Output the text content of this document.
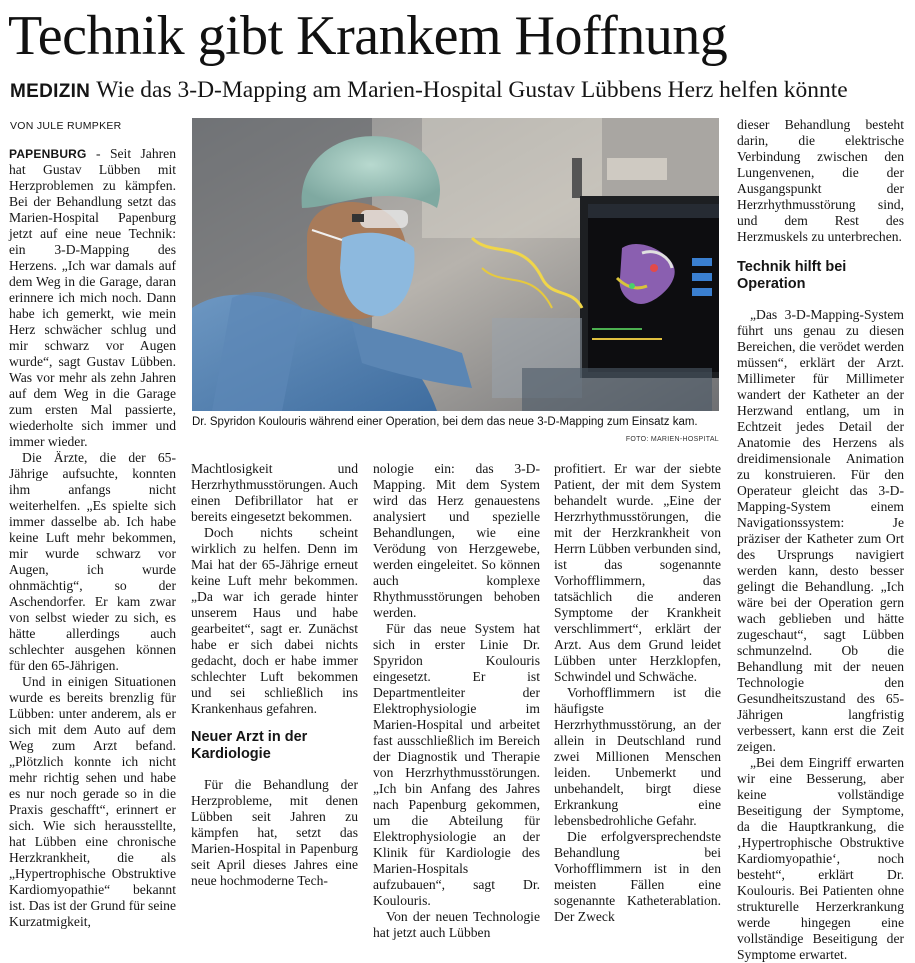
Technik gibt Krankem Hoffnung
MEDIZIN Wie das 3-D-Mapping am Marien-Hospital Gustav Lübbens Herz helfen könnte
VON JULE RUMPKER

PAPENBURG - Seit Jahren hat Gustav Lübben mit Herzproblemen zu kämpfen. Bei der Behandlung setzt das Marien-Hospital Papenburg jetzt auf eine neue Technik: ein 3-D-Mapping des Herzens. „Ich war damals auf dem Weg in die Garage, daran erinnere ich mich noch. Dann habe ich gemerkt, wie mein Herz schwächer schlug und mir schwarz vor Augen wurde“, sagt Gustav Lübben. Was vor mehr als zehn Jahren auf dem Weg in die Garage zum ersten Mal passierte, wiederholte sich immer und immer wieder.

Die Ärzte, die der 65-Jährige aufsuchte, konnten ihm anfangs nicht weiterhelfen. „Es spielte sich immer dasselbe ab. Ich habe keine Luft mehr bekommen, mir wurde schwarz vor Augen, ich wurde ohnmächtig“, so der Aschendorfer. Er kam zwar von selbst wieder zu sich, es hätte allerdings auch schlechter ausgehen können für den 65-Jährigen.

Und in einigen Situationen wurde es bereits brenzlig für Lübben: unter anderem, als er sich mit dem Auto auf dem Weg zum Arzt befand. „Plötzlich konnte ich nicht mehr richtig sehen und habe es nur noch gerade so in die Praxis geschafft“, erinnert er sich. Wie sich herausstellte, hat Lübben eine chronische Herzkrankheit, die als „Hypertrophische Obstruktive Kardiomyopathie“ bekannt ist. Das ist der Grund für seine Kurzatmigkeit,

Dr. Spyridon Koulouris während einer Operation, bei dem das neue 3-D-Mapping zum Einsatz kam.
FOTO: MARIEN-HOSPITAL

Machtlosigkeit und Herzrhythmusstörungen. Auch einen Defibrillator hat er bereits eingesetzt bekommen.

Doch nichts scheint wirklich zu helfen. Denn im Mai hat der 65-Jährige erneut keine Luft mehr bekommen. „Da war ich gerade hinter unserem Haus und habe gearbeitet“, sagt er. Zunächst habe er sich dabei nichts gedacht, doch er habe immer schlechter Luft bekommen und sei schließlich ins Krankenhaus gefahren.

Neuer Arzt in der Kardiologie

Für die Behandlung der Herzprobleme, mit denen Lübben seit Jahren zu kämpfen hat, setzt das Marien-Hospital in Papenburg seit April dieses Jahres eine neue hochmoderne Tech-

nologie ein: das 3-D-Mapping. Mit dem System wird das Herz genauestens analysiert und spezielle Behandlungen, wie eine Verödung von Herzgewebe, werden eingeleitet. So können auch komplexe Rhythmusstörungen behoben werden.

Für das neue System hat sich in erster Linie Dr. Spyridon Koulouris eingesetzt. Er ist Departmentleiter der Elektrophysiologie im Marien-Hospital und arbeitet fast ausschließlich im Bereich der Diagnostik und Therapie von Herzrhythmusstörungen. „Ich bin Anfang des Jahres nach Papenburg gekommen, um die Abteilung für Elektrophysiologie an der Klinik für Kardiologie des Marien-Hospitals aufzubauen“, sagt Dr. Koulouris.

Von der neuen Technologie hat jetzt auch Lübben

profitiert. Er war der siebte Patient, der mit dem System behandelt wurde. „Eine der Herzrhythmusstörungen, die mit der Herzkrankheit von Herrn Lübben verbunden sind, ist das sogenannte Vorhofflimmern, das tatsächlich die anderen Symptome der Krankheit verschlimmert“, erklärt der Arzt. Aus dem Grund leidet Lübben unter Herzklopfen, Schwindel und Schwäche.

Vorhofflimmern ist die häufigste Herzrhythmusstörung, an der allein in Deutschland rund zwei Millionen Menschen leiden. Unbemerkt und unbehandelt, birgt diese Erkrankung eine lebensbedrohliche Gefahr.

Die erfolgversprechendste Behandlung bei Vorhofflimmern ist in den meisten Fällen eine sogenannte Katheterablation. Der Zweck

dieser Behandlung besteht darin, die elektrische Verbindung zwischen den Lungenvenen, die der Ausgangspunkt der Herzrhythmusstörung sind, und dem Rest des Herzmuskels zu unterbrechen.

Technik hilft bei Operation

„Das 3-D-Mapping-System führt uns genau zu diesen Bereichen, die verödet werden müssen“, erklärt der Arzt. Millimeter für Millimeter wandert der Katheter an der Herzwand entlang, um in Echtzeit jedes Detail der Anatomie des Herzens als dreidimensionale Animation zu konstruieren. Für den Operateur gleicht das 3-D-Mapping-System einem Navigationssystem: Je präziser der Katheter zum Ort des Ursprungs navigiert werden kann, desto besser gelingt die Behandlung. „Ich wäre bei der Operation gern wach geblieben und hätte zugeschaut“, sagt Lübben schmunzelnd. Ob die Behandlung mit der neuen Technologie den Gesundheitszustand des 65-Jährigen langfristig verbessert, kann erst die Zeit zeigen.

„Bei dem Eingriff erwarten wir eine Besserung, aber keine vollständige Beseitigung der Symptome, da die Hauptkrankung, die ‚Hypertrophische Obstruktive Kardiomyopathie‘, noch besteht“, erklärt Dr. Koulouris. Bei Patienten ohne strukturelle Herzerkrankung werde hingegen eine vollständige Beseitigung der Symptome erwartet.
